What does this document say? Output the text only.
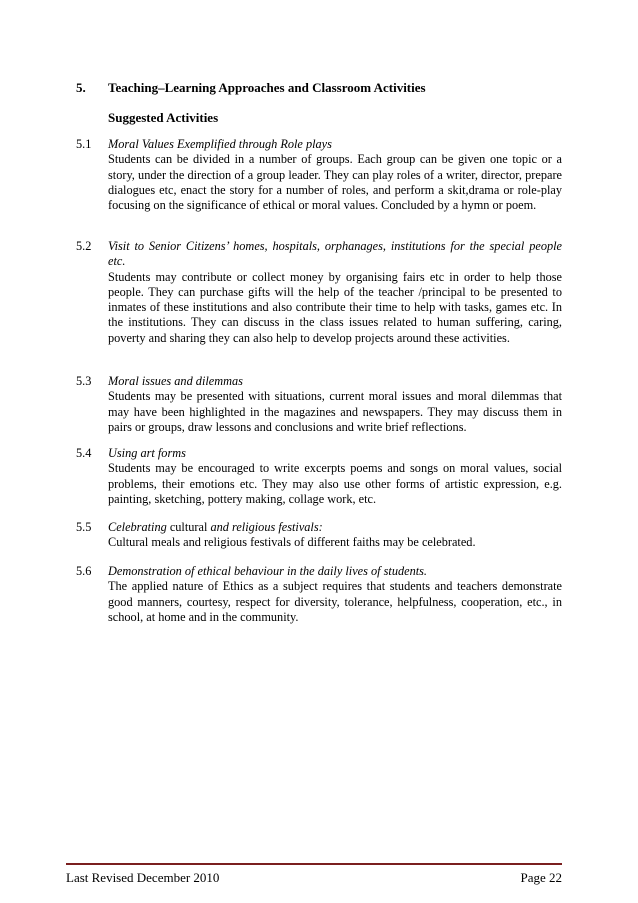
5. Teaching–Learning Approaches and Classroom Activities
Suggested Activities
5.1	Moral Values Exemplified through Role plays
Students can be divided in a number of groups. Each group can be given one topic or a story, under the direction of a group leader. They can play roles of a writer, director, prepare dialogues etc, enact the story for a number of roles, and perform a skit,drama or role-play focusing on the significance of ethical or moral values. Concluded by a hymn or poem.
5.2	Visit to Senior Citizens’ homes, hospitals, orphanages, institutions for the special people etc.
Students may contribute or collect money by organising fairs etc in order to help those people. They can purchase gifts will the help of the teacher /principal to be presented to inmates of these institutions and also contribute their time to help with tasks, games etc. In the institutions. They can discuss in the class issues related to human suffering, caring, poverty and sharing they can also help to develop projects around these activities.
5.3	Moral issues and dilemmas
Students may be presented with situations, current moral issues and moral dilemmas that may have been highlighted in the magazines and newspapers. They may discuss them in pairs or groups, draw lessons and conclusions and write brief reflections.
5.4	Using art forms
Students may be encouraged to write excerpts poems and songs on moral values, social problems, their emotions etc. They may also use other forms of artistic expression, e.g. painting, sketching, pottery making, collage work, etc.
5.5	Celebrating cultural and religious festivals:
Cultural meals and religious festivals of different faiths may be celebrated.
5.6	Demonstration of ethical behaviour in the daily lives of students.
The applied nature of Ethics as a subject requires that students and teachers demonstrate good manners, courtesy, respect for diversity, tolerance, helpfulness, cooperation, etc., in school, at home and in the community.
Last Revised December 2010	Page 22
